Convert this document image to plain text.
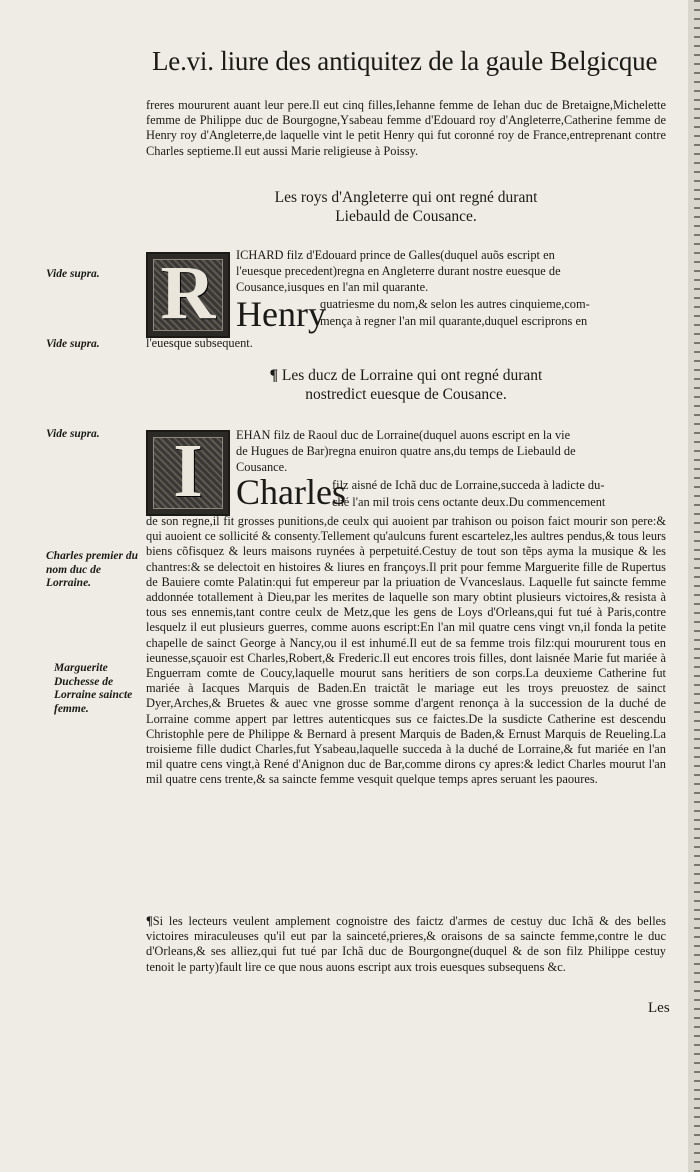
Le.vi. liure des antiquitez de la gaule Belgicque
freres moururent auant leur pere.Il eut cinq filles,Iehanne femme de Iehan duc de Bretaigne,Michelette femme de Philippe duc de Bourgogne,Ysabeau femme d'Edouard roy d'Angleterre,Catherine femme de Henry roy d'Angleterre,de laquelle vint le petit Henry qui fut coronné roy de France,entreprenant contre Charles septieme.Il eut aussi Marie religieuse à Poissy.
Les roys d'Angleterre qui ont regné durant
Liebauld de Cousance.
Vide supra.
Vide supra.
Vide supra.
Charles premier du nom duc de Lorraine.
Marguerite Duchesse de Lorraine saincte femme.
R	ICHARD filz d'Edouard prince de Galles(duquel auõs escript en
l'euesque precedent)regna en Angleterre durant nostre euesque de
Cousance,iusques en l'an mil quarante.
Henry
quatriesme du nom,& selon les autres cinquieme,com-
mença à regner l'an mil quarante,duquel escriprons en
l'euesque subsequent.
¶ Les ducz de Lorraine qui ont regné durant
nostredict euesque de Cousance.
I	EHAN filz de Raoul duc de Lorraine(duquel auons escript en la vie
de Hugues de Bar)regna enuiron quatre ans,du temps de Liebauld de
Cousance.
Charles
filz aisné de Ichã duc de Lorraine,succeda à ladicte du-
ché l'an mil trois cens octante deux.Du commencement
de son regne,il fit grosses punitions,de ceulx qui auoient par trahison ou poison faict mourir son pere:& qui auoient ce sollicité & consenty.Tellement qu'aulcuns furent escartelez,les aultres pendus,& tous leurs biens cõfisquez & leurs maisons ruynées à perpetuité.Cestuy de tout son tẽps ayma la musique & les chantres:& se delectoit en histoires & liures en françoys.Il prit pour femme Marguerite fille de Rupertus de Bauiere comte Palatin:qui fut empereur par la priuation de Vvanceslaus. Laquelle fut saincte femme addonnée totallement à Dieu,par les merites de laquelle son mary obtint plusieurs victoires,& resista à tous ses ennemis,tant contre ceulx de Metz,que les gens de Loys d'Orleans,qui fut tué à Paris,contre lesquelz il eut plusieurs guerres, comme auons escript:En l'an mil quatre cens vingt vn,il fonda la petite chapelle de sainct George à Nancy,ou il est inhumé.Il eut de sa femme trois filz:qui moururent tous en ieunesse,sçauoir est Charles,Robert,& Frederic.Il eut encores trois filles, dont laisnée Marie fut mariée à Enguerram comte de Coucy,laquelle mourut sans heritiers de son corps.La deuxieme Catherine fut mariée à Iacques Marquis de Baden.En traictãt le mariage eut les troys preuostez de sainct Dyer,Arches,& Bruetes & auec vne grosse somme d'argent renonça à la succession de la duché de Lorraine comme appert par lettres autenticques sus ce faictes.De la susdicte Catherine est descendu Christophle pere de Philippe & Bernard à present Marquis de Baden,& Ernust Marquis de Reueling.La troisieme fille dudict Charles,fut Ysabeau,laquelle succeda à la duché de Lorraine,& fut mariée en l'an mil quatre cens vingt,à René d'Anignon duc de Bar,comme dirons cy apres:& ledict Charles mourut l'an mil quatre cens trente,& sa saincte femme vesquit quelque temps apres seruant les paoures.
¶Si les lecteurs veulent amplement cognoistre des faictz d'armes de cestuy duc Ichã & des belles victoires miraculeuses qu'il eut par la sainceté,prieres,& oraisons de sa saincte femme,contre le duc d'Orleans,& ses alliez,qui fut tué par Ichã duc de Bourgongne(duquel & de son filz Philippe cestuy tenoit le party)fault lire ce que nous auons escript aux trois euesques subsequens &c.
Les
